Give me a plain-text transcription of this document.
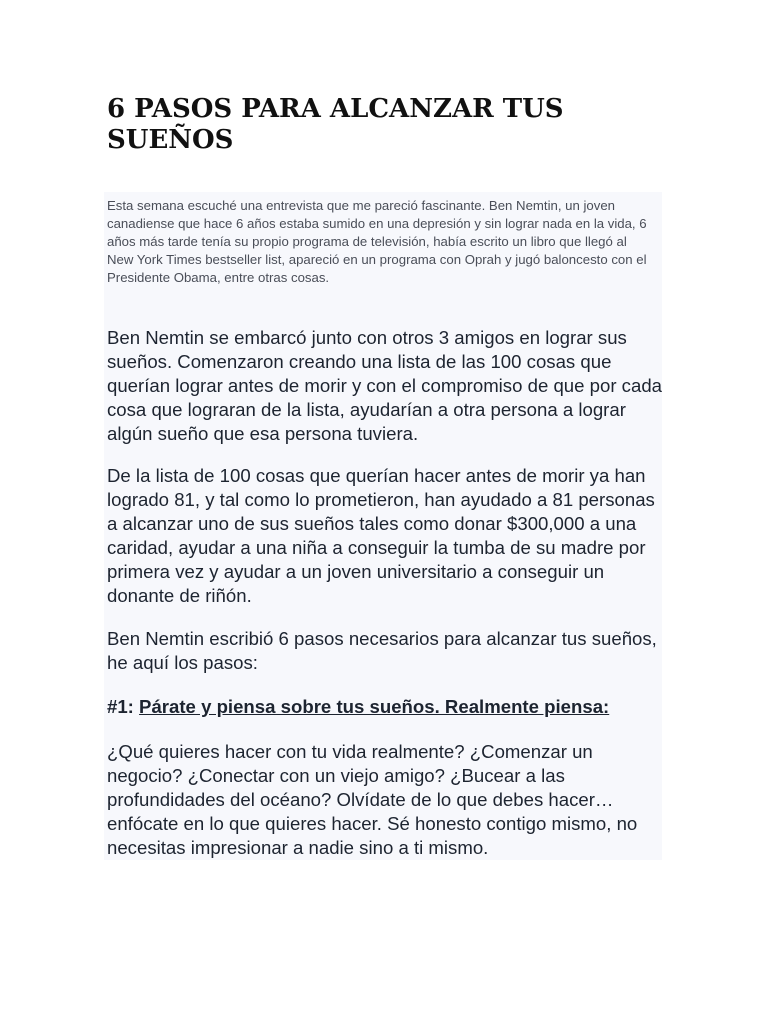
6 PASOS PARA ALCANZAR TUS SUEÑOS

Esta semana escuché una entrevista que me pareció fascinante. Ben Nemtin, un joven canadiense que hace 6 años estaba sumido en una depresión y sin lograr nada en la vida, 6 años más tarde tenía su propio programa de televisión, había escrito un libro que llegó al New York Times bestseller list, apareció en un programa con Oprah y jugó baloncesto con el Presidente Obama, entre otras cosas.

Ben Nemtin se embarcó junto con otros 3 amigos en lograr sus sueños. Comenzaron creando una lista de las 100 cosas que querían lograr antes de morir y con el compromiso de que por cada cosa que lograran de la lista, ayudarían a otra persona a lograr algún sueño que esa persona tuviera.

De la lista de 100 cosas que querían hacer antes de morir ya han logrado 81, y tal como lo prometieron, han ayudado a 81 personas a alcanzar uno de sus sueños tales como donar $300,000 a una caridad, ayudar a una niña a conseguir la tumba de su madre por primera vez y ayudar a un joven universitario a conseguir un donante de riñón.

Ben Nemtin escribió 6 pasos necesarios para alcanzar tus sueños, he aquí los pasos:

#1: Párate y piensa sobre tus sueños. Realmente piensa:

¿Qué quieres hacer con tu vida realmente? ¿Comenzar un negocio? ¿Conectar con un viejo amigo? ¿Bucear a las profundidades del océano? Olvídate de lo que debes hacer… enfócate en lo que quieres hacer. Sé honesto contigo mismo, no necesitas impresionar a nadie sino a ti mismo.
